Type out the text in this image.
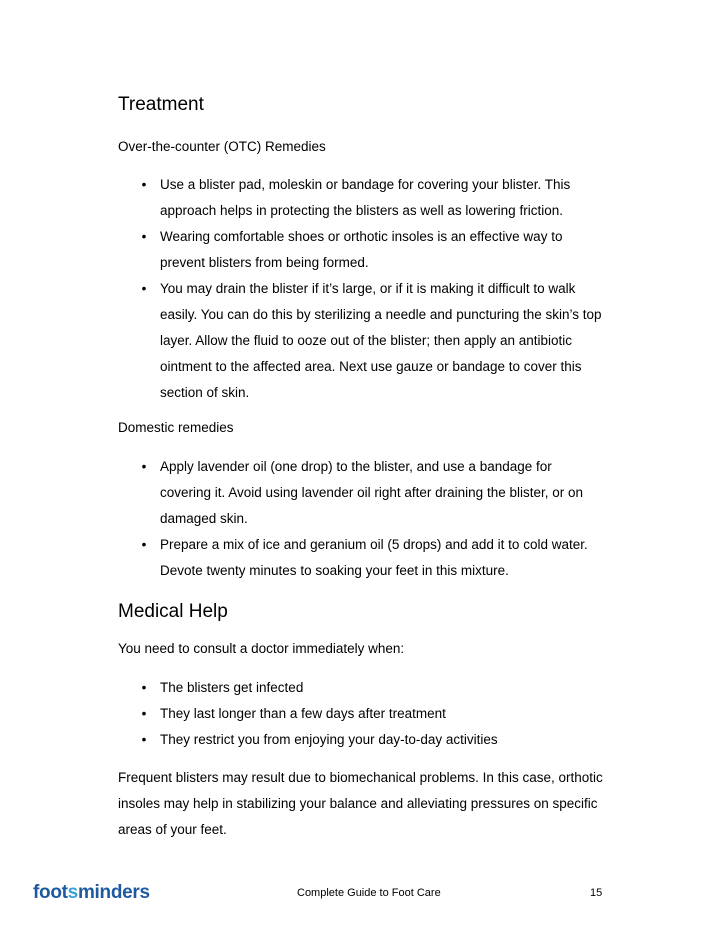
Treatment

Over-the-counter (OTC) Remedies

• Use a blister pad, moleskin or bandage for covering your blister. This
approach helps in protecting the blisters as well as lowering friction.
• Wearing comfortable shoes or orthotic insoles is an effective way to
prevent blisters from being formed.
• You may drain the blister if it’s large, or if it is making it difficult to walk
easily. You can do this by sterilizing a needle and puncturing the skin’s top
layer. Allow the fluid to ooze out of the blister; then apply an antibiotic
ointment to the affected area. Next use gauze or bandage to cover this
section of skin.

Domestic remedies

• Apply lavender oil (one drop) to the blister, and use a bandage for
covering it. Avoid using lavender oil right after draining the blister, or on
damaged skin.
• Prepare a mix of ice and geranium oil (5 drops) and add it to cold water.
Devote twenty minutes to soaking your feet in this mixture.
Medical Help

You need to consult a doctor immediately when:

• The blisters get infected
• They last longer than a few days after treatment
• They restrict you from enjoying your day-to-day activities

Frequent blisters may result due to biomechanical problems. In this case, orthotic
insoles may help in stabilizing your balance and alleviating pressures on specific
areas of your feet.

foot s minders	Complete Guide to Foot Care	15
